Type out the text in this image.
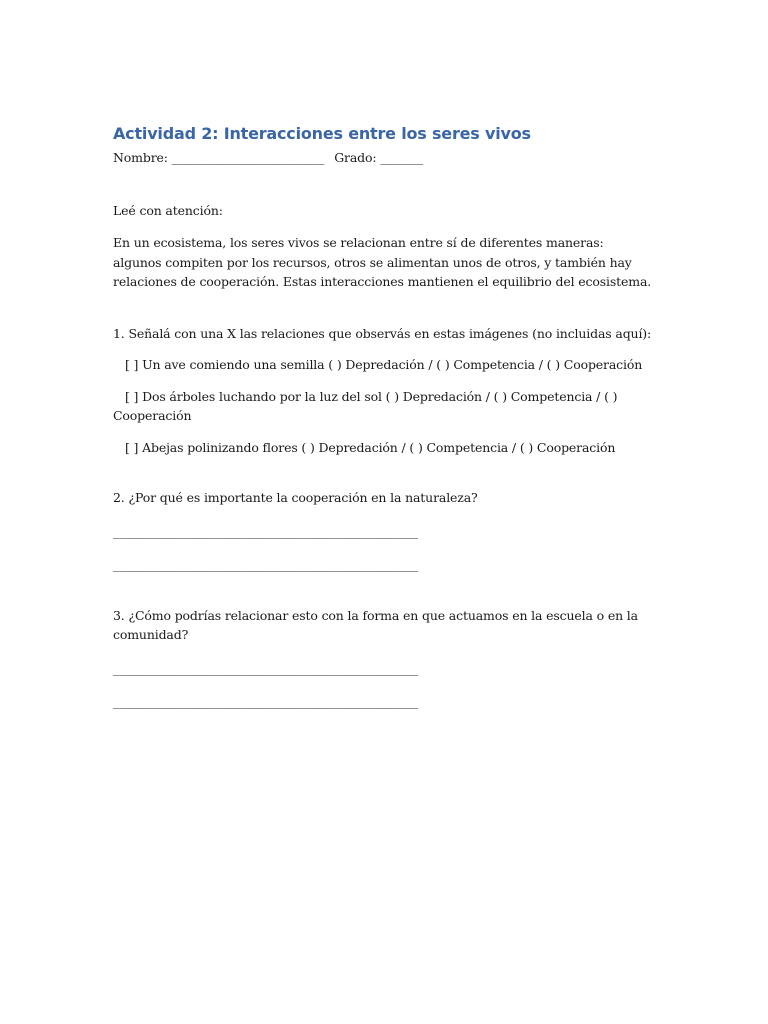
Actividad 2: Interacciones entre los seres vivos

Nombre: _________________________ Grado: _______

Leé con atención:

En un ecosistema, los seres vivos se relacionan entre sí de diferentes maneras: algunos compiten por los recursos, otros se alimentan unos de otros, y también hay relaciones de cooperación. Estas interacciones mantienen el equilibrio del ecosistema.

1. Señalá con una X las relaciones que observás en estas imágenes (no incluidas aquí):

[ ] Un ave comiendo una semilla ( ) Depredación / ( ) Competencia / ( ) Cooperación

[ ] Dos árboles luchando por la luz del sol ( ) Depredación / ( ) Competencia / ( ) Cooperación

[ ] Abejas polinizando flores ( ) Depredación / ( ) Competencia / ( ) Cooperación

2. ¿Por qué es importante la cooperación en la naturaleza?

__________________________________________________

__________________________________________________

3. ¿Cómo podrías relacionar esto con la forma en que actuamos en la escuela o en la comunidad?

__________________________________________________

__________________________________________________
